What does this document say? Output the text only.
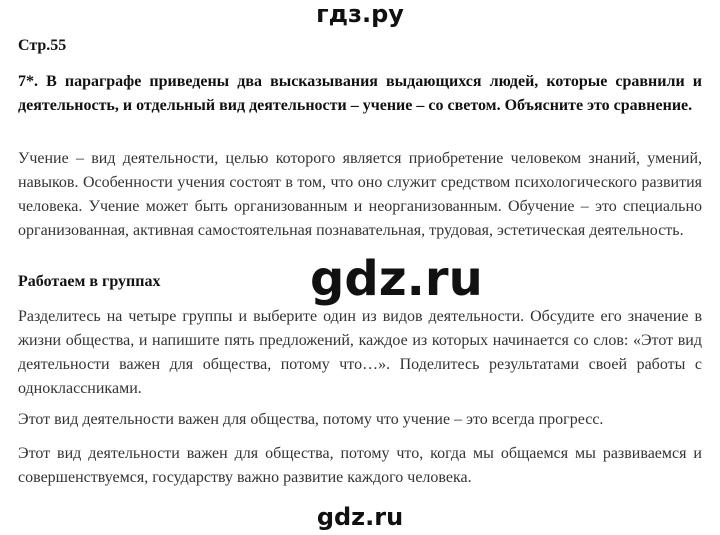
гдз.ру
Стр.55
7*. В параграфе приведены два высказывания выдающихся людей, которые сравнили и деятельность, и отдельный вид деятельности – учение – со светом. Объясните это сравнение.
Учение – вид деятельности, целью которого является приобретение человеком знаний, умений, навыков. Особенности учения состоят в том, что оно служит средством психологического развития человека. Учение может быть организованным и неорганизованным. Обучение – это специально организованная, активная самостоятельная познавательная, трудовая, эстетическая деятельность.
Работаем в группах
Разделитесь на четыре группы и выберите один из видов деятельности. Обсудите его значение в жизни общества, и напишите пять предложений, каждое из которых начинается со слов: «Этот вид деятельности важен для общества, потому что…». Поделитесь результатами своей работы с одноклассниками.
Этот вид деятельности важен для общества, потому что учение – это всегда прогресс.
Этот вид деятельности важен для общества, потому что, когда мы общаемся мы развиваемся и совершенствуемся, государству важно развитие каждого человека.
gdz.ru
gdz.ru
